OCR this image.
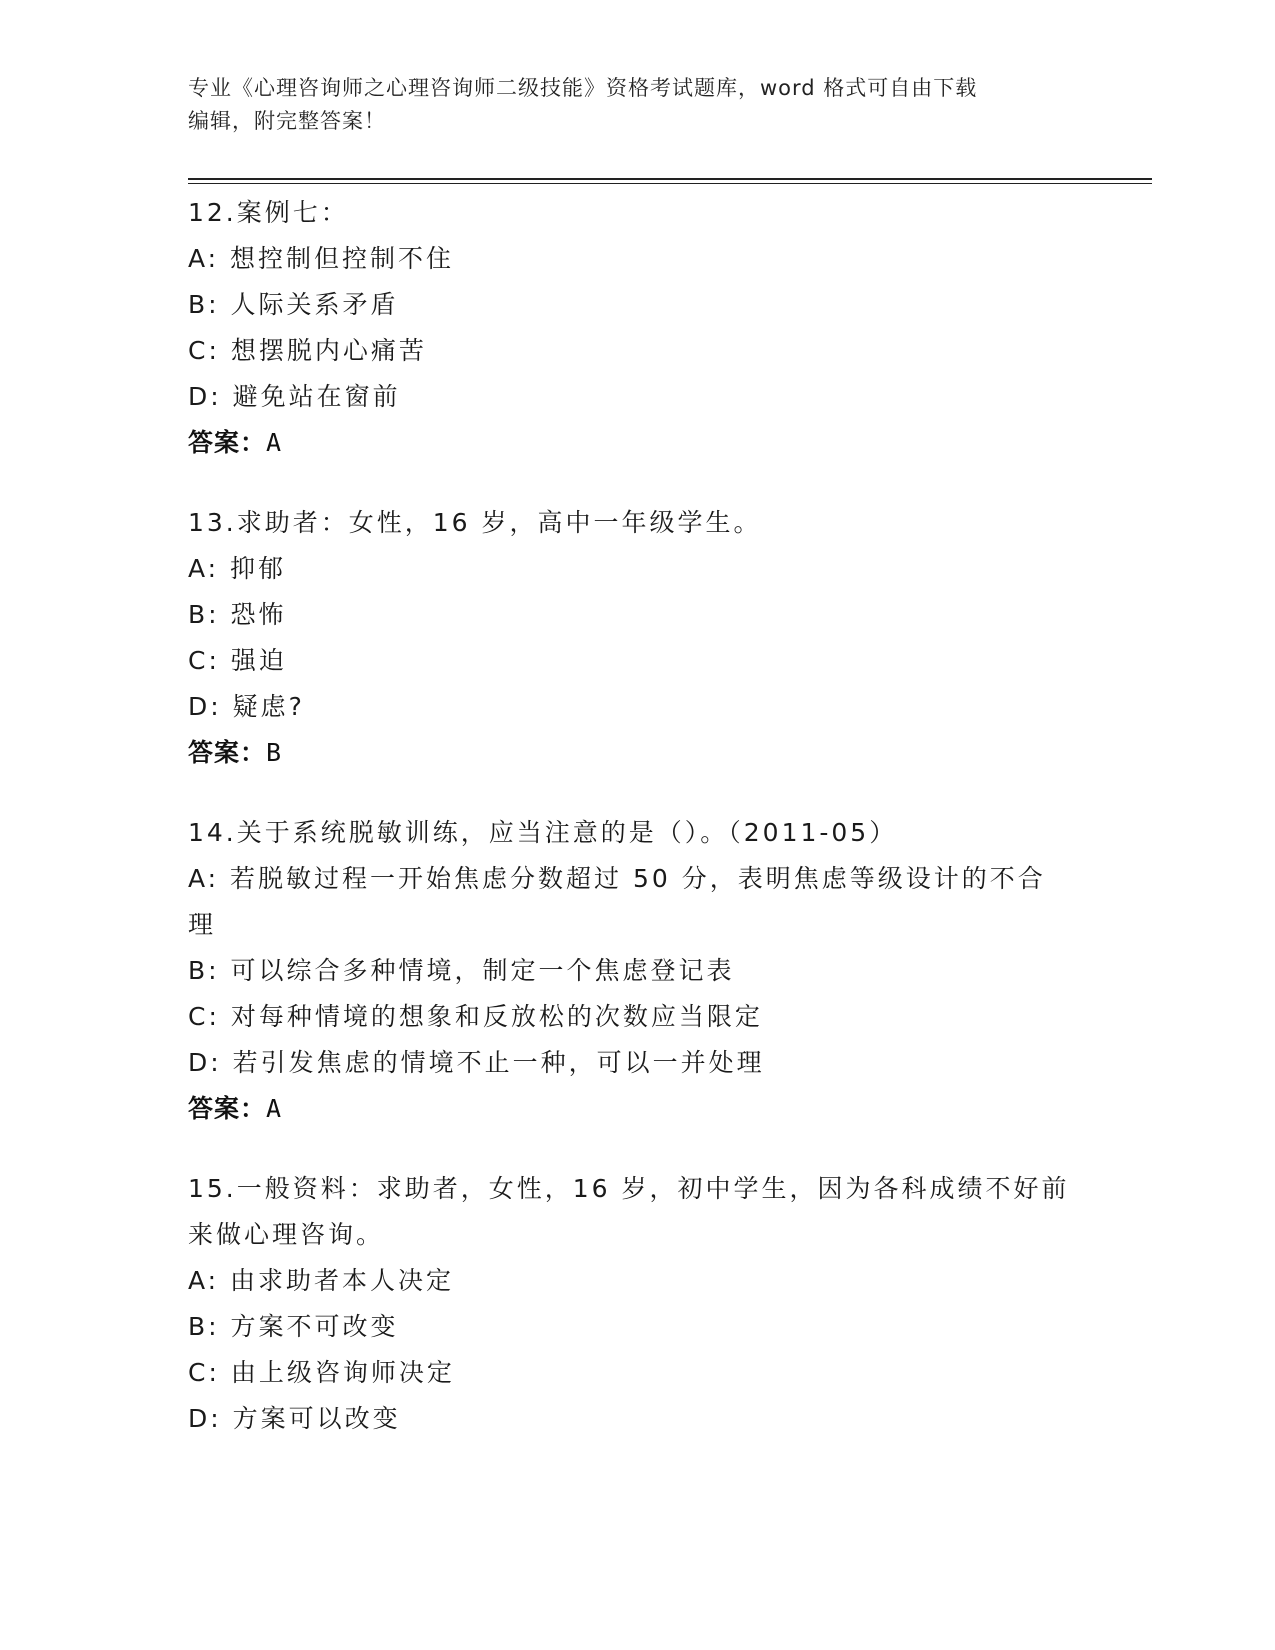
专业《心理咨询师之心理咨询师二级技能》资格考试题库，word 格式可自由下载
编辑，附完整答案！
12.案例七：
A: 想控制但控制不住
B: 人际关系矛盾
C: 想摆脱内心痛苦
D: 避免站在窗前
答案：A
13.求助者：女性，16 岁，高中一年级学生。
A: 抑郁
B: 恐怖
C: 强迫
D: 疑虑?
答案：B
14.关于系统脱敏训练，应当注意的是（）。（2011-05）
A: 若脱敏过程一开始焦虑分数超过 50 分，表明焦虑等级设计的不合
理
B: 可以综合多种情境，制定一个焦虑登记表
C: 对每种情境的想象和反放松的次数应当限定
D: 若引发焦虑的情境不止一种，可以一并处理
答案：A
15.一般资料：求助者，女性，16 岁，初中学生，因为各科成绩不好前
来做心理咨询。
A: 由求助者本人决定
B: 方案不可改变
C: 由上级咨询师决定
D: 方案可以改变
